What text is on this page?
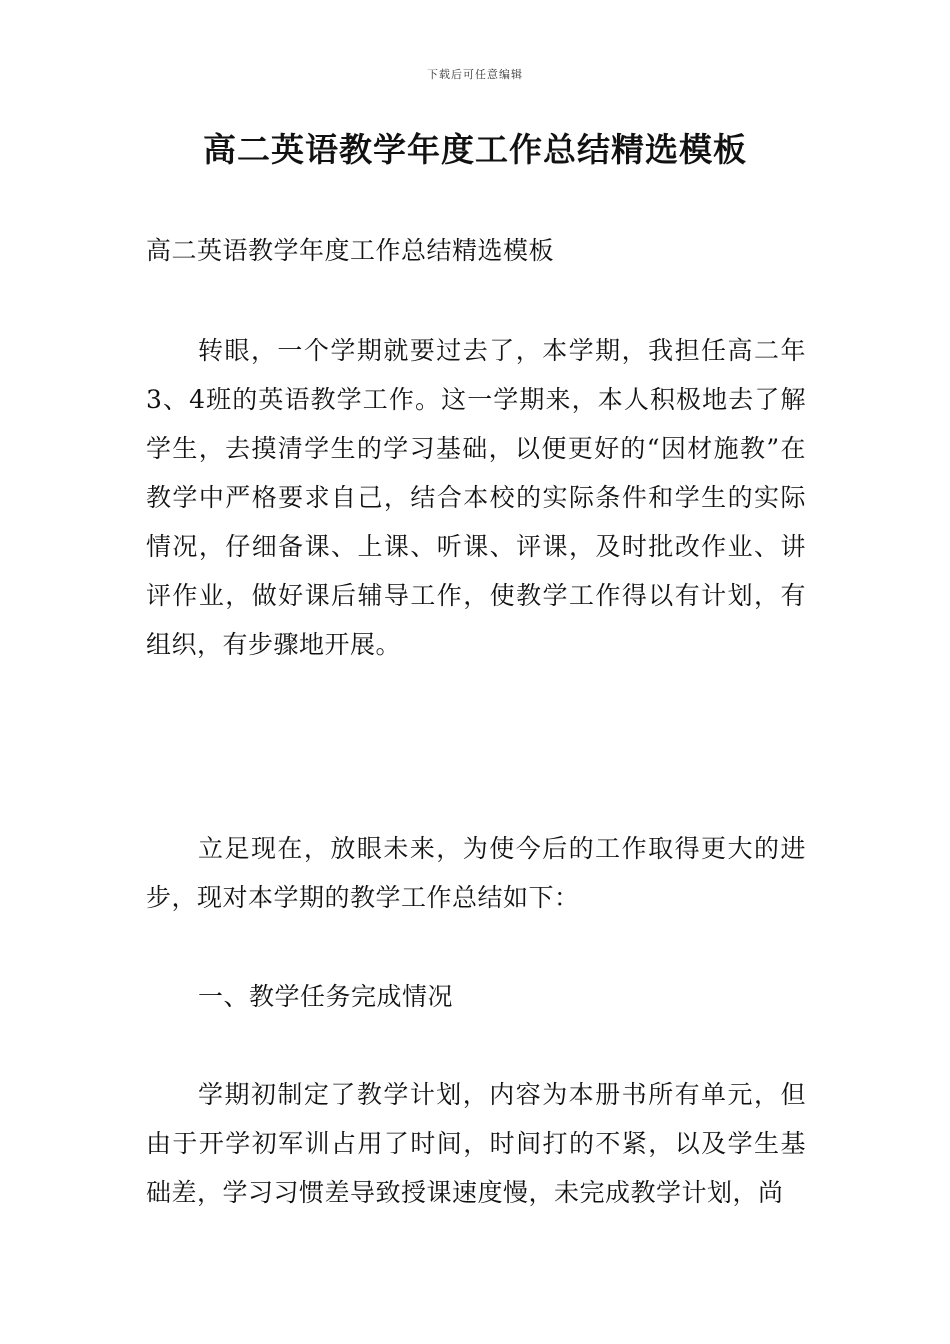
下载后可任意编辑
高二英语教学年度工作总结精选模板

高二英语教学年度工作总结精选模板

转眼，一个学期就要过去了，本学期，我担任高二年3、4班的英语教学工作。这一学期来，本人积极地去了解学生，去摸清学生的学习基础，以便更好的“因材施教”在教学中严格要求自己，结合本校的实际条件和学生的实际情况，仔细备课、上课、听课、评课，及时批改作业、讲评作业，做好课后辅导工作，使教学工作得以有计划，有组织，有步骤地开展。

立足现在，放眼未来，为使今后的工作取得更大的进步，现对本学期的教学工作总结如下：

一、教学任务完成情况

学期初制定了教学计划，内容为本册书所有单元，但由于开学初军训占用了时间，时间打的不紧，以及学生基础差，学习习惯差导致授课速度慢，未完成教学计划，尚
